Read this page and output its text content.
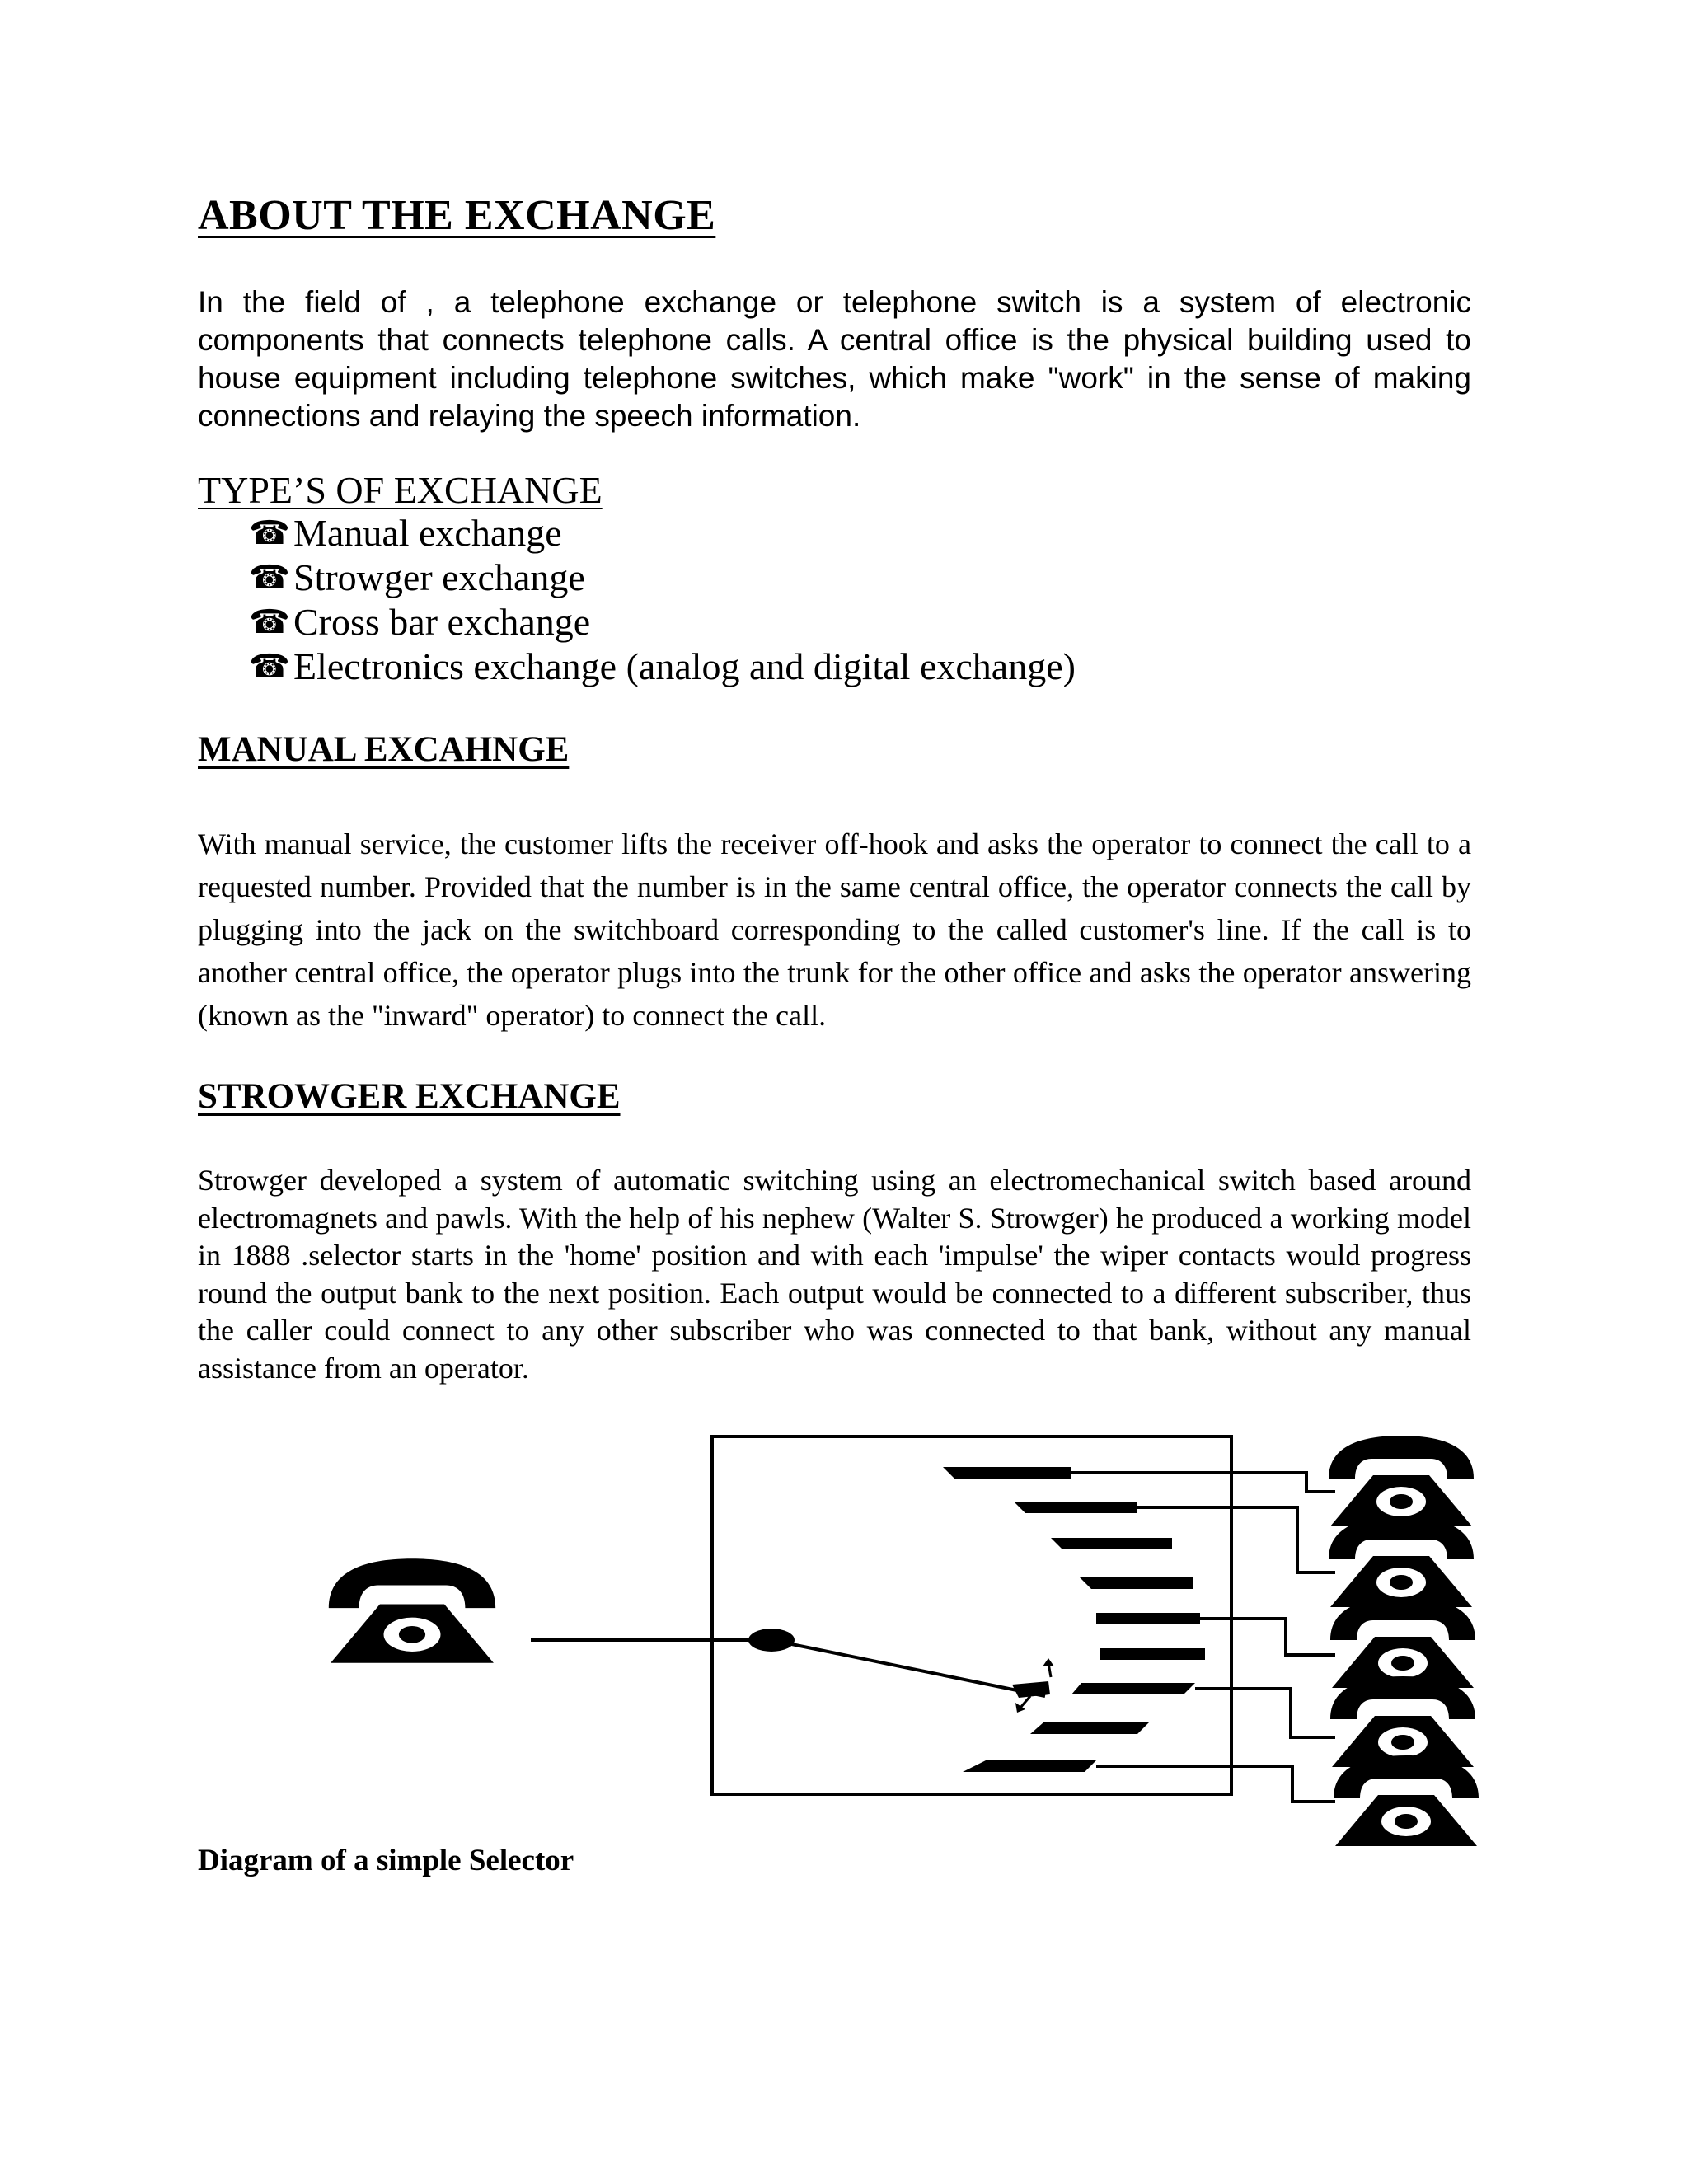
ABOUT THE EXCHANGE

In the field of , a telephone exchange or telephone switch is a system of electronic components that connects telephone calls. A central office is the physical building used to house equipment including telephone switches, which make "work" in the sense of making connections and relaying the speech information.

TYPE’S OF EXCHANGE
☎ Manual exchange
☎ Strowger exchange
☎ Cross bar exchange
☎ Electronics exchange (analog and digital exchange)
MANUAL EXCAHNGE

With manual service, the customer lifts the receiver off-hook and asks the operator to connect the call to a requested number. Provided that the number is in the same central office, the operator connects the call by plugging into the jack on the switchboard corresponding to the called customer's line. If the call is to another central office, the operator plugs into the trunk for the other office and asks the operator answering (known as the "inward" operator) to connect the call.

STROWGER EXCHANGE

Strowger developed a system of automatic switching using an electromechanical switch based around electromagnets and pawls. With the help of his nephew (Walter S. Strowger) he produced a working model in 1888 .selector starts in the 'home' position and with each 'impulse' the wiper contacts would progress round the output bank to the next position. Each output would be connected to a different subscriber, thus the caller could connect to any other subscriber who was connected to that bank, without any manual assistance from an operator.

Diagram of a simple Selector
